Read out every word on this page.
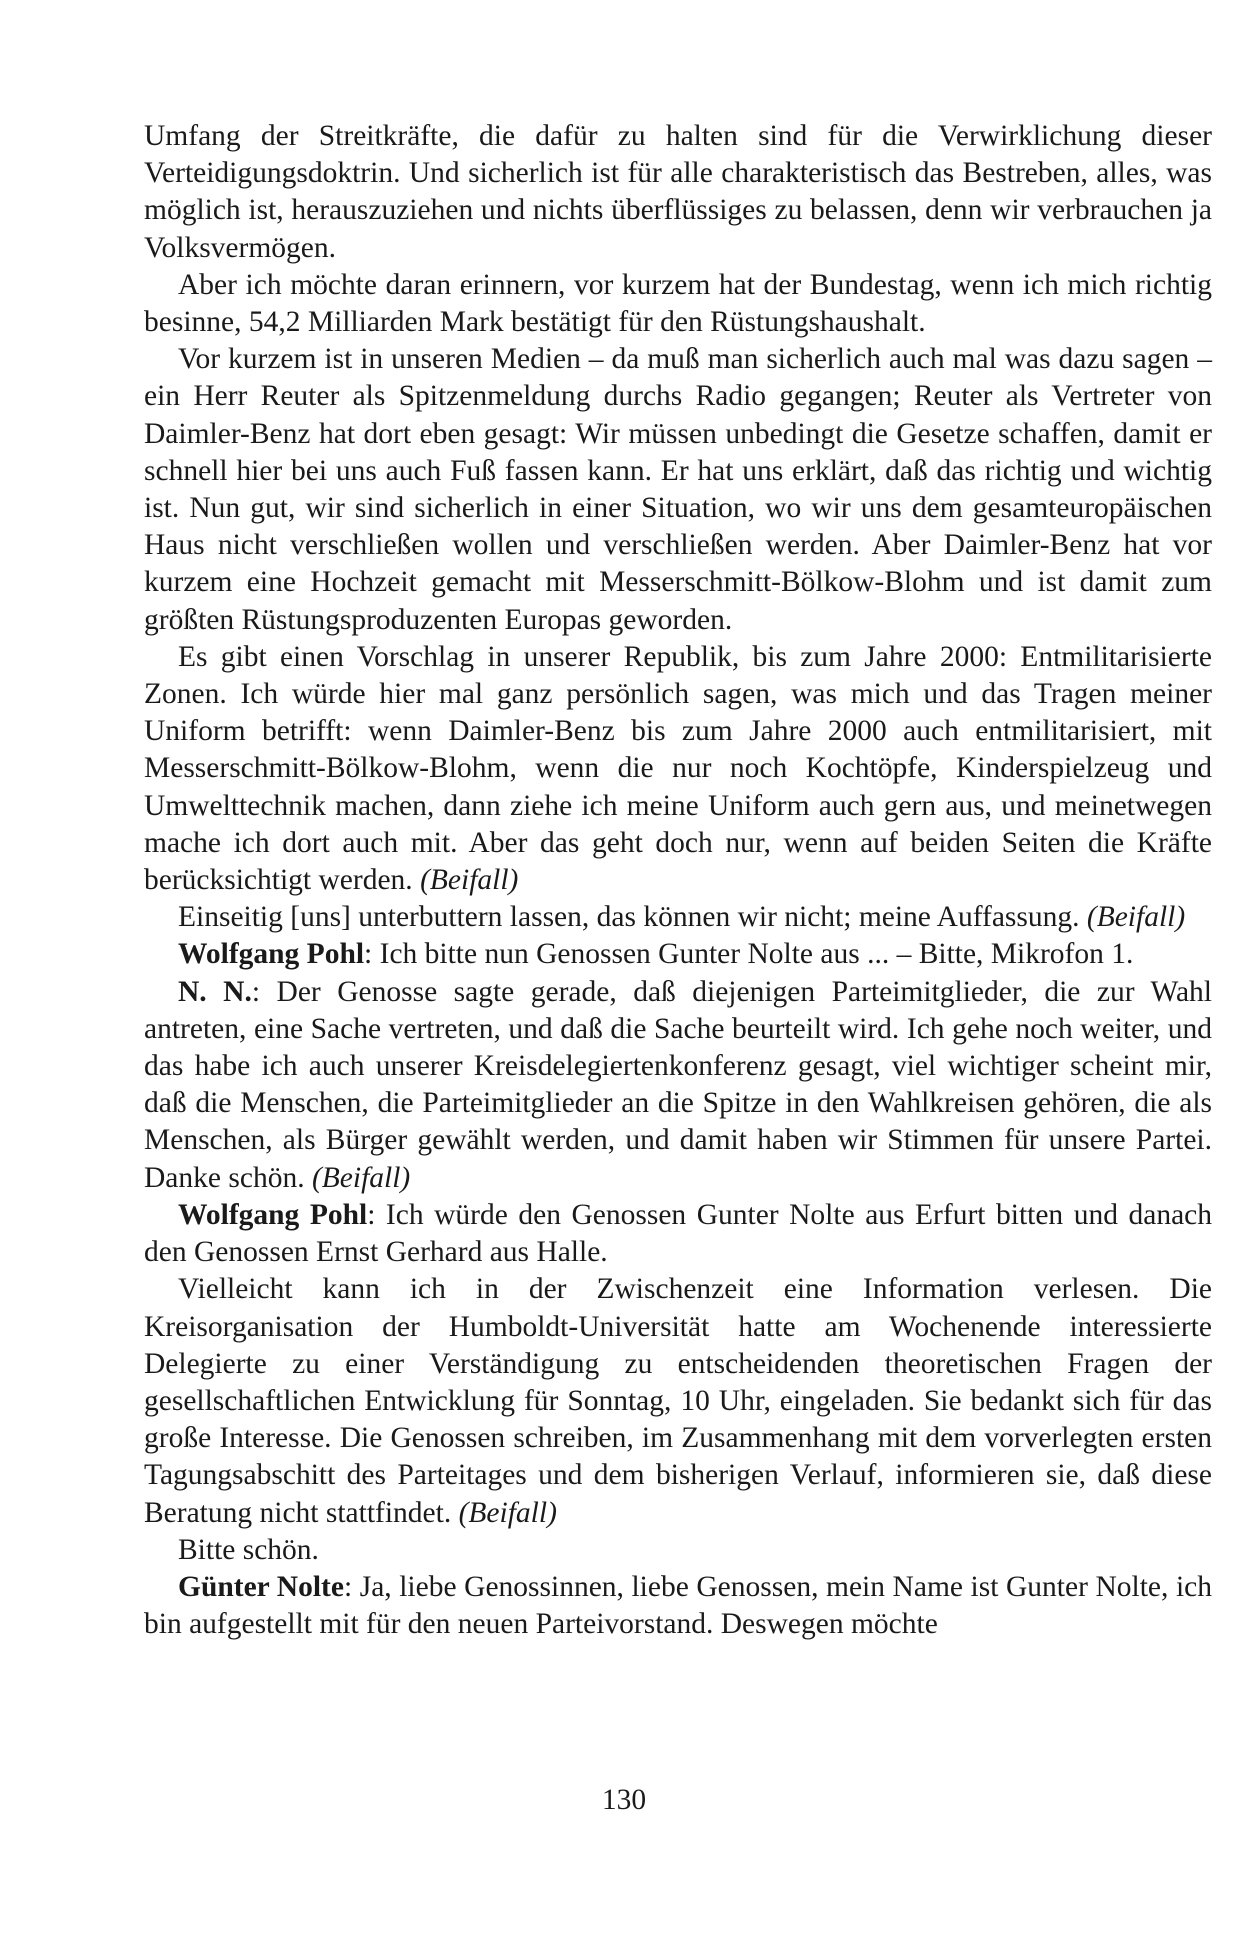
Umfang der Streitkräfte, die dafür zu halten sind für die Verwirklichung dieser Verteidigungsdoktrin. Und sicherlich ist für alle charakteristisch das Bestreben, alles, was möglich ist, herauszuziehen und nichts überflüssiges zu belassen, denn wir verbrauchen ja Volksvermögen.

Aber ich möchte daran erinnern, vor kurzem hat der Bundestag, wenn ich mich richtig besinne, 54,2 Milliarden Mark bestätigt für den Rüstungshaushalt.

Vor kurzem ist in unseren Medien – da muß man sicherlich auch mal was dazu sagen – ein Herr Reuter als Spitzenmeldung durchs Radio gegangen; Reuter als Vertreter von Daimler-Benz hat dort eben gesagt: Wir müssen unbedingt die Gesetze schaffen, damit er schnell hier bei uns auch Fuß fassen kann. Er hat uns erklärt, daß das richtig und wichtig ist. Nun gut, wir sind sicherlich in einer Situation, wo wir uns dem gesamteuropäischen Haus nicht verschließen wollen und verschließen werden. Aber Daimler-Benz hat vor kurzem eine Hochzeit gemacht mit Messerschmitt-Bölkow-Blohm und ist damit zum größten Rüstungsproduzenten Europas geworden.

Es gibt einen Vorschlag in unserer Republik, bis zum Jahre 2000: Entmilitarisierte Zonen. Ich würde hier mal ganz persönlich sagen, was mich und das Tragen meiner Uniform betrifft: wenn Daimler-Benz bis zum Jahre 2000 auch entmilitarisiert, mit Messerschmitt-Bölkow-Blohm, wenn die nur noch Kochtöpfe, Kinderspielzeug und Umwelttechnik machen, dann ziehe ich meine Uniform auch gern aus, und meinetwegen mache ich dort auch mit. Aber das geht doch nur, wenn auf beiden Seiten die Kräfte berücksichtigt werden. (Beifall)

Einseitig [uns] unterbuttern lassen, das können wir nicht; meine Auffassung. (Beifall)

Wolfgang Pohl: Ich bitte nun Genossen Gunter Nolte aus ... – Bitte, Mikrofon 1.

N. N.: Der Genosse sagte gerade, daß diejenigen Parteimitglieder, die zur Wahl antreten, eine Sache vertreten, und daß die Sache beurteilt wird. Ich gehe noch weiter, und das habe ich auch unserer Kreisdelegiertenkonferenz gesagt, viel wichtiger scheint mir, daß die Menschen, die Parteimitglieder an die Spitze in den Wahlkreisen gehören, die als Menschen, als Bürger gewählt werden, und damit haben wir Stimmen für unsere Partei. Danke schön. (Beifall)

Wolfgang Pohl: Ich würde den Genossen Gunter Nolte aus Erfurt bitten und danach den Genossen Ernst Gerhard aus Halle.

Vielleicht kann ich in der Zwischenzeit eine Information verlesen. Die Kreisorganisation der Humboldt-Universität hatte am Wochenende interessierte Delegierte zu einer Verständigung zu entscheidenden theoretischen Fragen der gesellschaftlichen Entwicklung für Sonntag, 10 Uhr, eingeladen. Sie bedankt sich für das große Interesse. Die Genossen schreiben, im Zusammenhang mit dem vorverlegten ersten Tagungsabschitt des Parteitages und dem bisherigen Verlauf, informieren sie, daß diese Beratung nicht stattfindet. (Beifall)

Bitte schön.

Günter Nolte: Ja, liebe Genossinnen, liebe Genossen, mein Name ist Gunter Nolte, ich bin aufgestellt mit für den neuen Parteivorstand. Deswegen möchte

130
